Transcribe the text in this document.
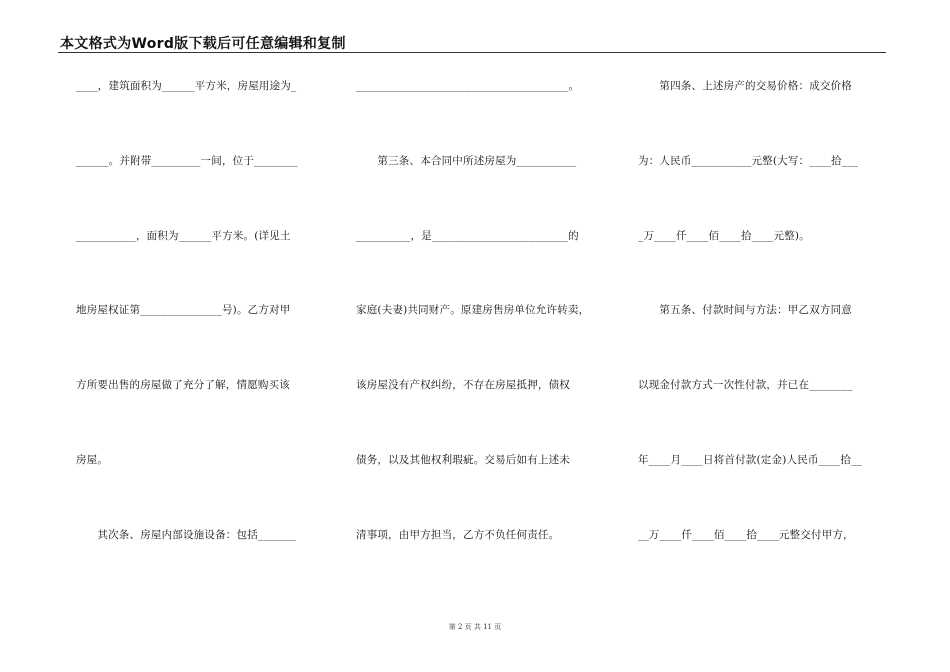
本文格式为Word版下载后可任意编辑和复制
____，建筑面积为______平方米，房屋用途为_
______。并附带_________一间，位于________
___________，面积为______平方米。(详见土
地房屋权证第_______________号)。乙方对甲
方所要出售的房屋做了充分了解，情愿购买该
房屋。
　　其次条、房屋内部设施设备：包括_______
_______________________________________。
　　第三条、本合同中所述房屋为___________
__________，是_________________________的
家庭(夫妻)共同财产。原建房售房单位允许转卖，
该房屋没有产权纠纷，不存在房屋抵押，债权
债务，以及其他权利瑕疵。交易后如有上述未
清事项，由甲方担当，乙方不负任何责任。
　　第四条、上述房产的交易价格：成交价格
为：人民币___________元整(大写：____拾___
_万____仟____佰____拾____元整)。
　　第五条、付款时间与方法：甲乙双方同意
以现金付款方式一次性付款，并已在________
年____月____日将首付款(定金)人民币____拾__
__万____仟____佰____拾____元整交付甲方，
第 2 页 共 11 页
